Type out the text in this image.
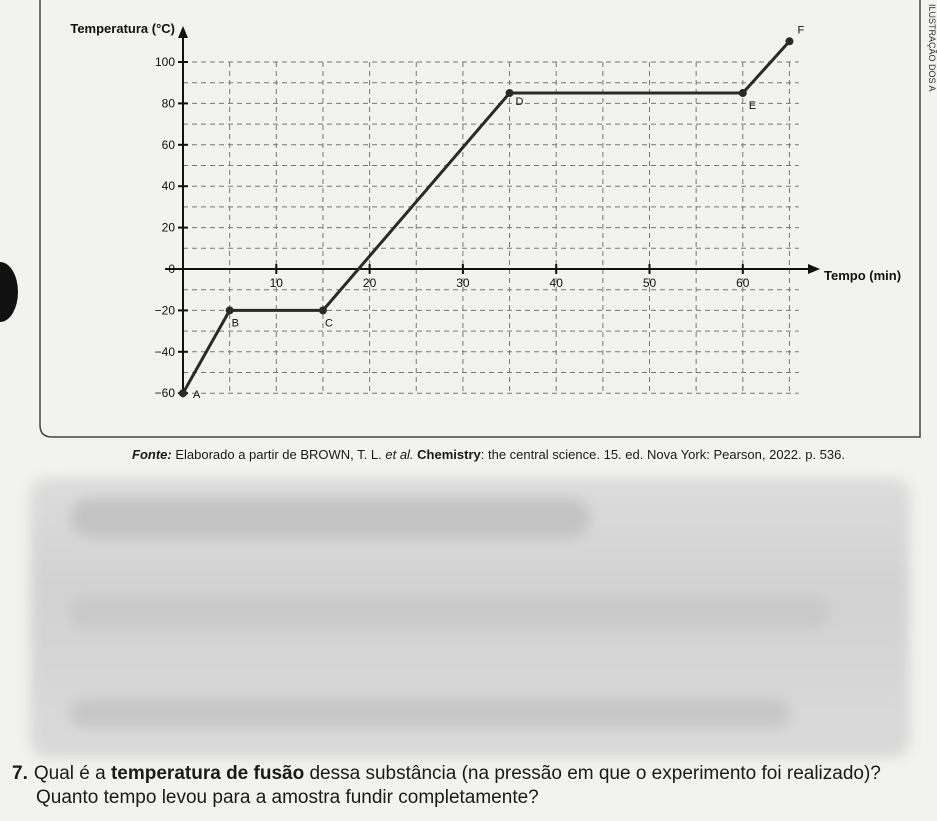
100
80
60
40
20
0
−20
−40
−60
10	20	30	40	50	60
Temperatura (°C)
Tempo (min)
A
B	C
D	E
F	ILUSTRAÇÃO DOS A
Fonte: Elaborado a partir de BROWN, T. L. et al. Chemistry: the central science. 15. ed. Nova York: Pearson, 2022. p. 536.
7. Qual é a temperatura de fusão dessa substância (na pressão em que o experimento foi realizado)?
Quanto tempo levou para a amostra fundir completamente?
